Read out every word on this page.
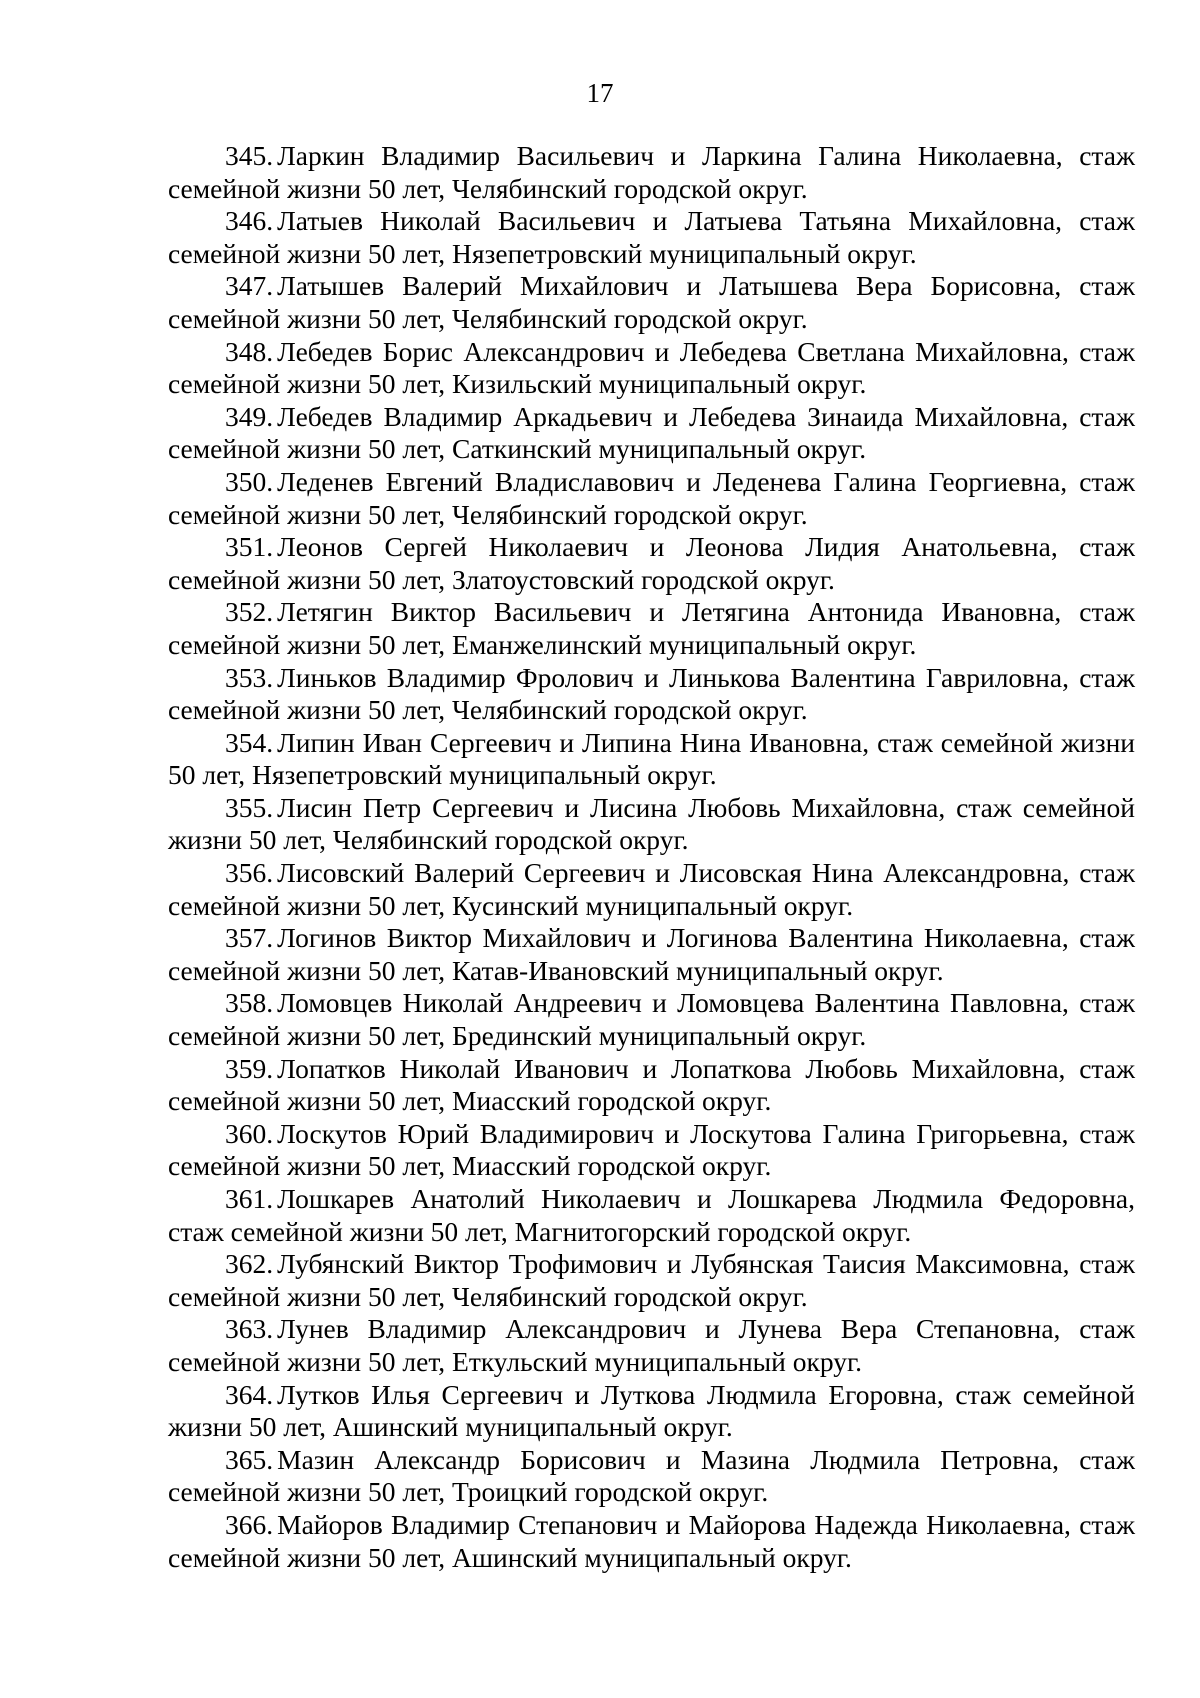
17
345. Ларкин Владимир Васильевич и Ларкина Галина Николаевна, стаж семейной жизни 50 лет, Челябинский городской округ.
346. Латыев Николай Васильевич и Латыева Татьяна Михайловна, стаж семейной жизни 50 лет, Нязепетровский муниципальный округ.
347. Латышев Валерий Михайлович и Латышева Вера Борисовна, стаж семейной жизни 50 лет, Челябинский городской округ.
348. Лебедев Борис Александрович и Лебедева Светлана Михайловна, стаж семейной жизни 50 лет, Кизильский муниципальный округ.
349. Лебедев Владимир Аркадьевич и Лебедева Зинаида Михайловна, стаж семейной жизни 50 лет, Саткинский муниципальный округ.
350. Леденев Евгений Владиславович и Леденева Галина Георгиевна, стаж семейной жизни 50 лет, Челябинский городской округ.
351. Леонов Сергей Николаевич и Леонова Лидия Анатольевна, стаж семейной жизни 50 лет, Златоустовский городской округ.
352. Летягин Виктор Васильевич и Летягина Антонида Ивановна, стаж семейной жизни 50 лет, Еманжелинский муниципальный округ.
353. Линьков Владимир Фролович и Линькова Валентина Гавриловна, стаж семейной жизни 50 лет, Челябинский городской округ.
354. Липин Иван Сергеевич и Липина Нина Ивановна, стаж семейной жизни 50 лет, Нязепетровский муниципальный округ.
355. Лисин Петр Сергеевич и Лисина Любовь Михайловна, стаж семейной жизни 50 лет, Челябинский городской округ.
356. Лисовский Валерий Сергеевич и Лисовская Нина Александровна, стаж семейной жизни 50 лет, Кусинский муниципальный округ.
357. Логинов Виктор Михайлович и Логинова Валентина Николаевна, стаж семейной жизни 50 лет, Катав-Ивановский муниципальный округ.
358. Ломовцев Николай Андреевич и Ломовцева Валентина Павловна, стаж семейной жизни 50 лет, Брединский муниципальный округ.
359. Лопатков Николай Иванович и Лопаткова Любовь Михайловна, стаж семейной жизни 50 лет, Миасский городской округ.
360. Лоскутов Юрий Владимирович и Лоскутова Галина Григорьевна, стаж семейной жизни 50 лет, Миасский городской округ.
361. Лошкарев Анатолий Николаевич и Лошкарева Людмила Федоровна, стаж семейной жизни 50 лет, Магнитогорский городской округ.
362. Лубянский Виктор Трофимович и Лубянская Таисия Максимовна, стаж семейной жизни 50 лет, Челябинский городской округ.
363. Лунев Владимир Александрович и Лунева Вера Степановна, стаж семейной жизни 50 лет, Еткульский муниципальный округ.
364. Лутков Илья Сергеевич и Луткова Людмила Егоровна, стаж семейной жизни 50 лет, Ашинский муниципальный округ.
365. Мазин Александр Борисович и Мазина Людмила Петровна, стаж семейной жизни 50 лет, Троицкий городской округ.
366. Майоров Владимир Степанович и Майорова Надежда Николаевна, стаж семейной жизни 50 лет, Ашинский муниципальный округ.
